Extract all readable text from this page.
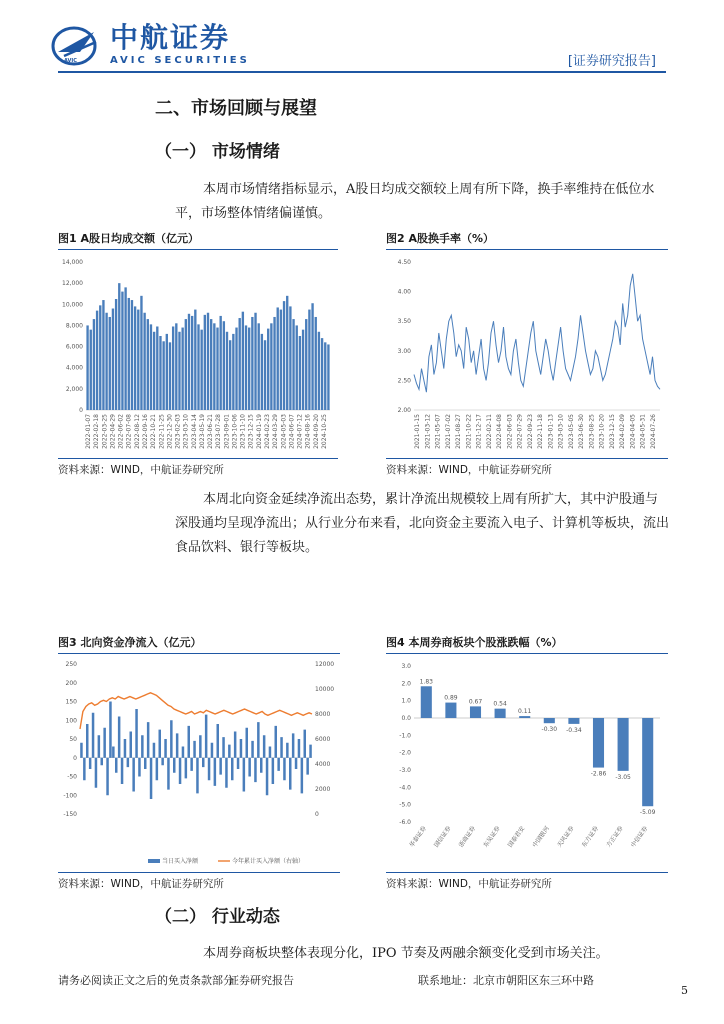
AVIC
中航证券
AVIC SECURITIES	[证券研究报告]
二、市场回顾与展望
（一） 市场情绪
本周市场情绪指标显示，A股日均成交额较上周有所下降，换手率维持在低位水平，市场整体情绪偏谨慎。
图1 A股日均成交额（亿元）
0
2,000
4,000
6,000
8,000
10,000
12,000
14,000
2022-01-07 2022-02-18 2022-03-25 2022-04-29 2022-06-02 2022-07-08 2022-08-12 2022-09-16 2022-10-21 2022-11-25 2022-12-30 2023-02-03 2023-03-10 2023-04-14 2023-05-19 2023-06-21 2023-07-28 2023-09-01 2023-10-06 2023-11-10 2023-12-15 2024-01-19 2024-02-23 2024-03-29 2024-05-03 2024-06-07 2024-07-12 2024-08-16 2024-09-20 2024-10-25
资料来源：WIND，中航证券研究所
图2 A股换手率（%）
2.00
2.50
3.00
3.50
4.00
4.50
2021-01-15 2021-03-12 2021-05-07 2021-07-02 2021-08-27 2021-10-22 2021-12-17 2022-02-11 2022-04-08 2022-06-03 2022-07-29 2022-09-23 2022-11-18 2023-01-13 2023-03-10 2023-05-05 2023-06-30 2023-08-25 2023-10-20 2023-12-15 2024-02-09 2024-04-05 2024-05-31 2024-07-26
资料来源：WIND，中航证券研究所
本周北向资金延续净流出态势，累计净流出规模较上周有所扩大，其中沪股通与深股通均呈现净流出；从行业分布来看，北向资金主要流入电子、计算机等板块，流出食品饮料、银行等板块。
图3 北向资金净流入（亿元）
-150
-100
-50
0
50
100
150
200
250
0
2000
4000
6000
8000
10000
12000
当日买入净额	今年累计买入净额（右轴）
资料来源：WIND，中航证券研究所
图4 本周券商板块个股涨跌幅（%）
-6.0
-5.0
-4.0
-3.0
-2.0
-1.0
0.0
1.0
2.0
3.0
1.83
华泰证券
0.89
国信证券
0.67
浙商证券
0.54
东吴证券
0.11
国泰君安
-0.30
中国银河
-0.34
天风证券
-2.86
东方证券
-3.05
方正证券
-5.09
中信证券
资料来源：WIND，中航证券研究所
（二） 行业动态
本周券商板块整体表现分化，IPO 节奏及两融余额变化受到市场关注。
请务必阅读正文之后的免责条款部分
证券研究报告	联系地址：北京市朝阳区东三环中路
5
